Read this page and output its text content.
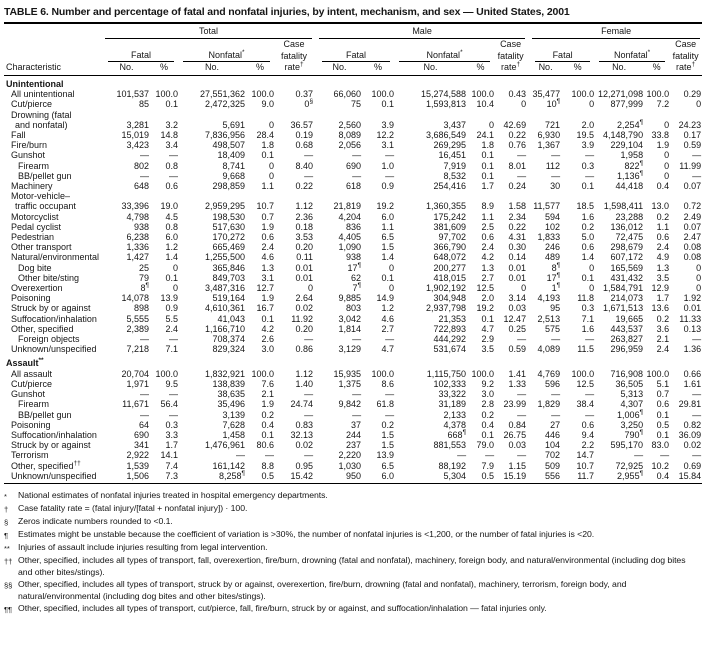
TABLE 6. Number and percentage of fatal and nonfatal injuries, by intent, mechanism, and sex — United States, 2001

	Total						Male						Female				

					Case						Case						Case

	Fatal		Nonfatal*		fatality		Fatal		Nonfatal*		fatality		Fatal		Nonfatal*		fatality
Characteristic	No.	%	No.	%	rate†		No.	%	No.	%	rate†		No.	%	No.	%	rate†
Unintentional																	
All unintentional	101,537	100.0	27,551,362	100.0	0.37		66,060	100.0	15,274,588	100.0	0.43		35,477	100.0	12,271,098	100.0	0.29
Cut/pierce	85	0.1	2,472,325	9.0	0§		75	0.1	1,593,813	10.4	0		10¶	0	877,999	7.2	0
Drowning (fatal																	
and nonfatal)	3,281	3.2	5,691	0	36.57		2,560	3.9	3,437	0	42.69		721	2.0	2,254¶	0	24.23
Fall	15,019	14.8	7,836,956	28.4	0.19		8,089	12.2	3,686,549	24.1	0.22		6,930	19.5	4,148,790	33.8	0.17
Fire/burn	3,423	3.4	498,507	1.8	0.68		2,056	3.1	269,295	1.8	0.76		1,367	3.9	229,104	1.9	0.59
Gunshot	—	—	18,409	0.1	—		—	—	16,451	0.1	—		—	—	1,958	0	—
Firearm	802	0.8	8,741	0	8.40		690	1.0	7,919	0.1	8.01		112	0.3	822¶	0	11.99
BB/pellet gun	—	—	9,668	0	—		—	—	8,532	0.1	—		—	—	1,136¶	0	—
Machinery	648	0.6	298,859	1.1	0.22		618	0.9	254,416	1.7	0.24		30	0.1	44,418	0.4	0.07
Motor-vehicle–																	
traffic occupant	33,396	19.0	2,959,295	10.7	1.12		21,819	19.2	1,360,355	8.9	1.58		11,577	18.5	1,598,411	13.0	0.72
Motorcyclist	4,798	4.5	198,530	0.7	2.36		4,204	6.0	175,242	1.1	2.34		594	1.6	23,288	0.2	2.49
Pedal cyclist	938	0.8	517,630	1.9	0.18		836	1.1	381,609	2.5	0.22		102	0.2	136,012	1.1	0.07
Pedestrian	6,238	6.0	170,272	0.6	3.53		4,405	6.5	97,702	0.6	4.31		1,833	5.0	72,475	0.6	2.47
Other transport	1,336	1.2	665,469	2.4	0.20		1,090	1.5	366,790	2.4	0.30		246	0.6	298,679	2.4	0.08
Natural/environmental	1,427	1.4	1,255,500	4.6	0.11		938	1.4	648,072	4.2	0.14		489	1.4	607,172	4.9	0.08
Dog bite	25	0	365,846	1.3	0.01		17¶	0	200,277	1.3	0.01		8¶	0	165,569	1.3	0
Other bite/sting	79	0.1	849,703	3.1	0.01		62	0.1	418,015	2.7	0.01		17¶	0.1	431,432	3.5	0
Overexertion	8¶	0	3,487,316	12.7	0		7¶	0	1,902,192	12.5	0		1¶	0	1,584,791	12.9	0
Poisoning	14,078	13.9	519,164	1.9	2.64		9,885	14.9	304,948	2.0	3.14		4,193	11.8	214,073	1.7	1.92
Struck by or against	898	0.9	4,610,361	16.7	0.02		803	1.2	2,937,798	19.2	0.03		95	0.3	1,671,513	13.6	0.01
Suffocation/inhalation	5,555	5.5	41,043	0.1	11.92		3,042	4.6	21,353	0.1	12.47		2,513	7.1	19,665	0.2	11.33
Other, specified	2,389	2.4	1,166,710	4.2	0.20		1,814	2.7	722,893	4.7	0.25		575	1.6	443,537	3.6	0.13
Foreign objects	—	—	708,374	2.6	—		—	—	444,292	2.9	—		—	—	263,827	2.1	—
Unknown/unspecified	7,218	7.1	829,324	3.0	0.86		3,129	4.7	531,674	3.5	0.59		4,089	11.5	296,959	2.4	1.36
Assault**																	
All assault	20,704	100.0	1,832,921	100.0	1.12		15,935	100.0	1,115,750	100.0	1.41		4,769	100.0	716,908	100.0	0.66
Cut/pierce	1,971	9.5	138,839	7.6	1.40		1,375	8.6	102,333	9.2	1.33		596	12.5	36,505	5.1	1.61
Gunshot	—	—	38,635	2.1	—		—	—	33,322	3.0	—		—	—	5,313	0.7	—
Firearm	11,671	56.4	35,496	1.9	24.74		9,842	61.8	31,189	2.8	23.99		1,829	38.4	4,307	0.6	29.81
BB/pellet gun	—	—	3,139	0.2	—		—	—	2,133	0.2	—		—	—	1,006¶	0.1	—
Poisoning	64	0.3	7,628	0.4	0.83		37	0.2	4,378	0.4	0.84		27	0.6	3,250	0.5	0.82
Suffocation/inhalation	690	3.3	1,458	0.1	32.13		244	1.5	668¶	0.1	26.75		446	9.4	790¶	0.1	36.09
Struck by or against	341	1.7	1,476,961	80.6	0.02		237	1.5	881,553	79.0	0.03		104	2.2	595,170	83.0	0.02
Terrorism	2,922	14.1	—	—	—		2,220	13.9	—	—	—		702	14.7	—	—	—
Other, specified††	1,539	7.4	161,142	8.8	0.95		1,030	6.5	88,192	7.9	1.15		509	10.7	72,925	10.2	0.69
Unknown/unspecified	1,506	7.3	8,258¶	0.5	15.42		950	6.0	5,304	0.5	15.19		556	11.7	2,955¶	0.4	15.84
*	National estimates of nonfatal injuries treated in hospital emergency departments.
†	Case fatality rate = (fatal injury/[fatal + nonfatal injury]) · 100.
§	Zeros indicate numbers rounded to <0.1.
¶	Estimates might be unstable because the coefficient of variation is >30%, the number of nonfatal injuries is <1,200, or the number of fatal injuries is <20.
** Injuries of assault include injuries resulting from legal intervention.
†† Other, specified, includes all types of transport, fall, overexertion, fire/burn, drowning (fatal and nonfatal), machinery, foreign body, and natural/environmental (including dog bites and other bites/stings).
§§ Other, specified, includes all types of transport, struck by or against, overexertion, fire/burn, drowning (fatal and nonfatal), machinery, terrorism, foreign body, and natural/environmental (including dog bites and other bites/stings).
¶¶ Other, specified, includes all types of transport, cut/pierce, fall, fire/burn, struck by or against, and suffocation/inhalation — fatal injuries only.
